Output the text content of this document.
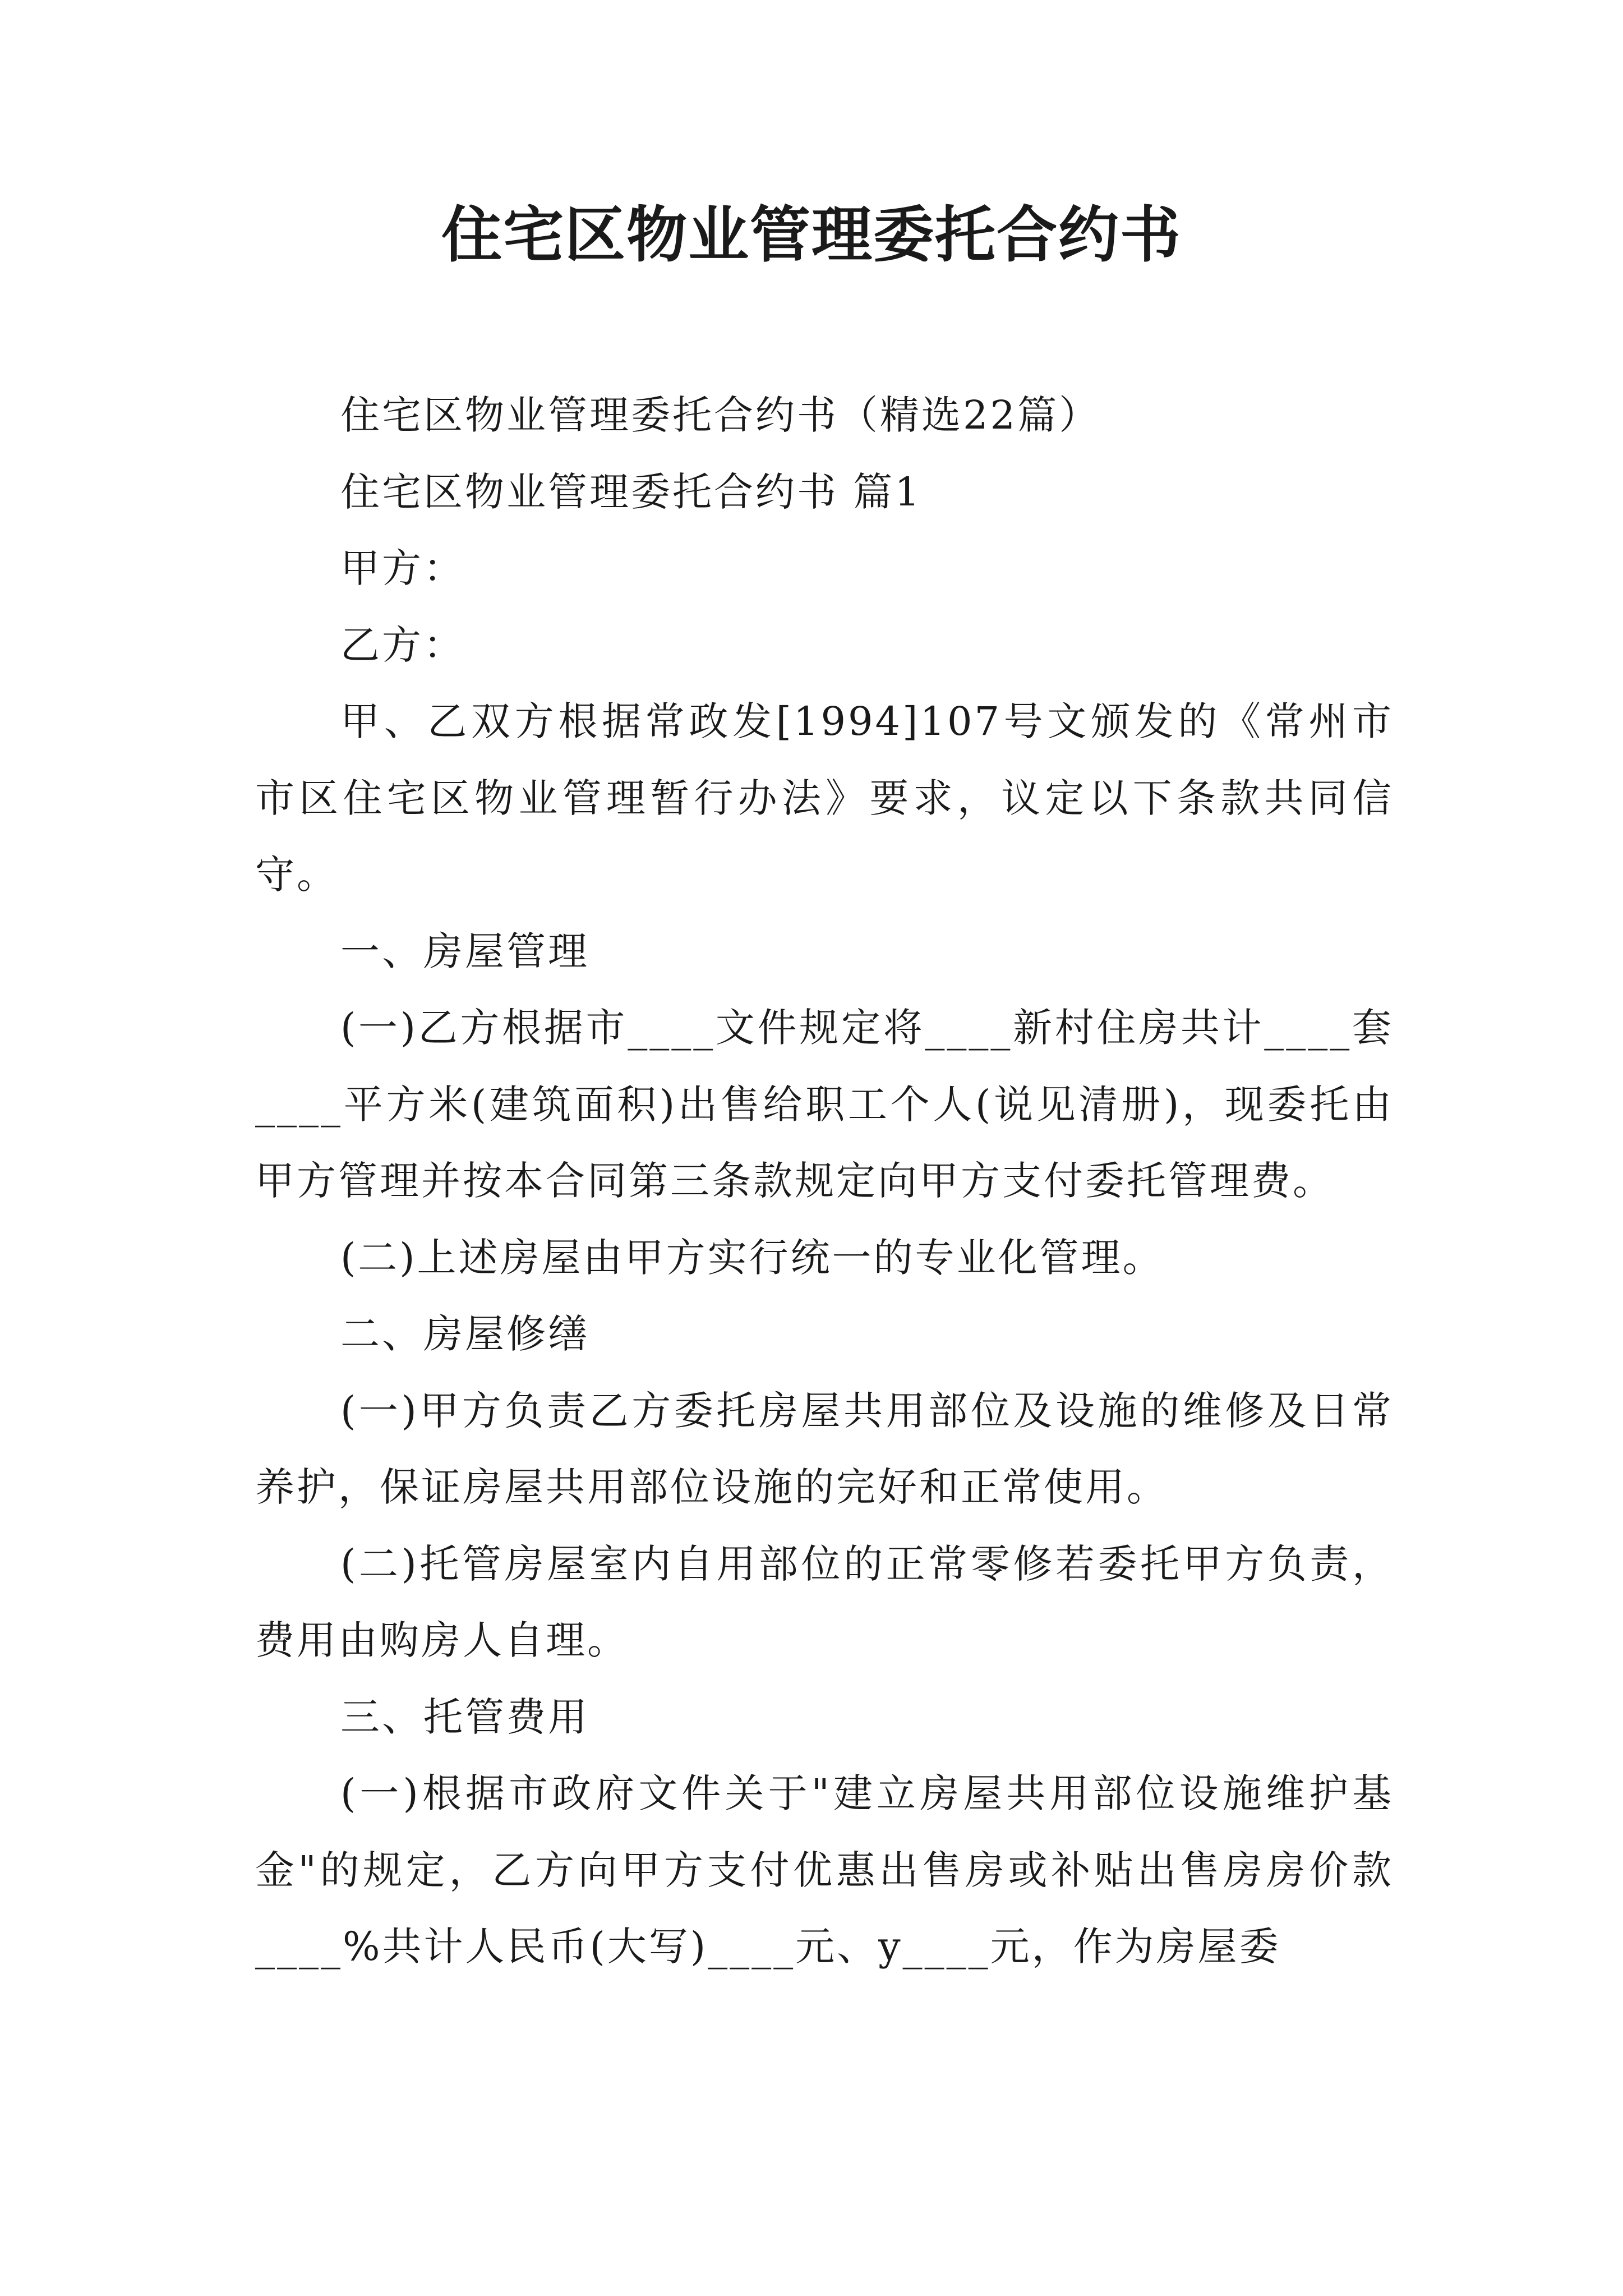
住宅区物业管理委托合约书

住宅区物业管理委托合约书（精选22篇）

住宅区物业管理委托合约书 篇1

甲方：

乙方：

甲、乙双方根据常政发[1994]107号文颁发的《常州市市区住宅区物业管理暂行办法》要求，议定以下条款共同信守。

一、房屋管理

(一)乙方根据市____文件规定将____新村住房共计____套____平方米(建筑面积)出售给职工个人(说见清册)，现委托由甲方管理并按本合同第三条款规定向甲方支付委托管理费。

(二)上述房屋由甲方实行统一的专业化管理。

二、房屋修缮

(一)甲方负责乙方委托房屋共用部位及设施的维修及日常养护，保证房屋共用部位设施的完好和正常使用。

(二)托管房屋室内自用部位的正常零修若委托甲方负责，费用由购房人自理。

三、托管费用

(一)根据市政府文件关于"建立房屋共用部位设施维护基金"的规定，乙方向甲方支付优惠出售房或补贴出售房房价款____%共计人民币(大写)____元、y____元，作为房屋委
